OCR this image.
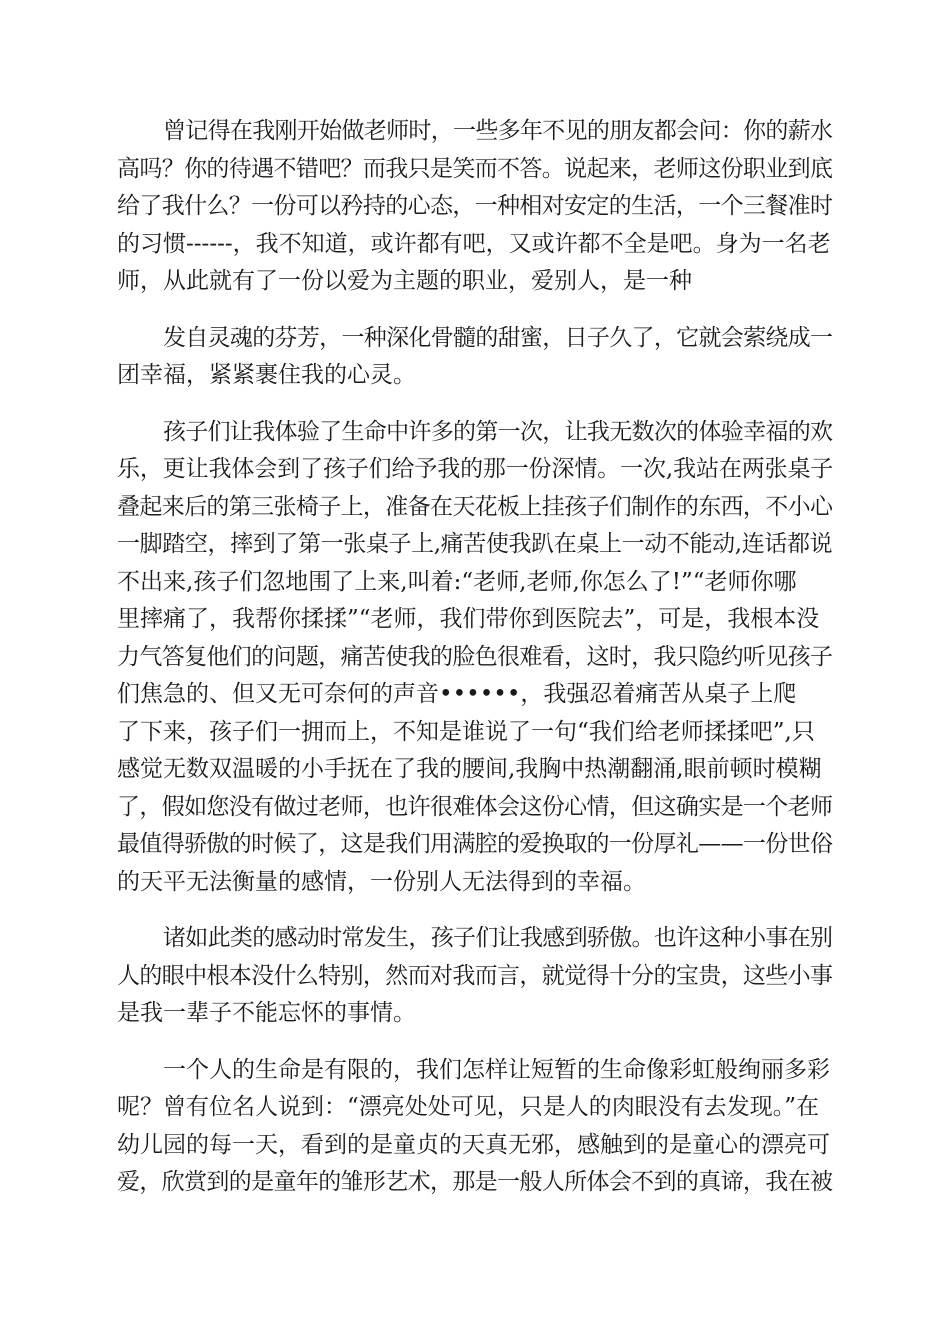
曾记得在我刚开始做老师时，一些多年不见的朋友都会问：你的薪水
高吗？你的待遇不错吧？而我只是笑而不答。说起来，老师这份职业到底
给了我什么？一份可以矜持的心态，一种相对安定的生活，一个三餐准时
的习惯------，我不知道，或许都有吧，又或许都不全是吧。身为一名老
师，从此就有了一份以爱为主题的职业，爱别人，是一种

发自灵魂的芬芳，一种深化骨髓的甜蜜，日子久了，它就会萦绕成一
团幸福，紧紧裹住我的心灵。

孩子们让我体验了生命中许多的第一次，让我无数次的体验幸福的欢
乐，更让我体会到了孩子们给予我的那一份深情。一次,我站在两张桌子
叠起来后的第三张椅子上，准备在天花板上挂孩子们制作的东西，不小心
一脚踏空，摔到了第一张桌子上,痛苦使我趴在桌上一动不能动,连话都说
不出来,孩子们忽地围了上来,叫着:“老师,老师,你怎么了!”“老师你哪
里摔痛了，我帮你揉揉”“老师，我们带你到医院去”，可是，我根本没
力气答复他们的问题，痛苦使我的脸色很难看，这时，我只隐约听见孩子
们焦急的、但又无可奈何的声音••••••，我强忍着痛苦从桌子上爬
了下来，孩子们一拥而上，不知是谁说了一句“我们给老师揉揉吧”,只
感觉无数双温暖的小手抚在了我的腰间,我胸中热潮翻涌,眼前顿时模糊
了，假如您没有做过老师，也许很难体会这份心情，但这确实是一个老师
最值得骄傲的时候了，这是我们用满腔的爱换取的一份厚礼——一份世俗
的天平无法衡量的感情，一份别人无法得到的幸福。

诸如此类的感动时常发生，孩子们让我感到骄傲。也许这种小事在别
人的眼中根本没什么特别，然而对我而言，就觉得十分的宝贵，这些小事
是我一辈子不能忘怀的事情。

一个人的生命是有限的，我们怎样让短暂的生命像彩虹般绚丽多彩
呢？曾有位名人说到：“漂亮处处可见，只是人的肉眼没有去发现。”在
幼儿园的每一天，看到的是童贞的天真无邪，感触到的是童心的漂亮可
爱，欣赏到的是童年的雏形艺术，那是一般人所体会不到的真谛，我在被
